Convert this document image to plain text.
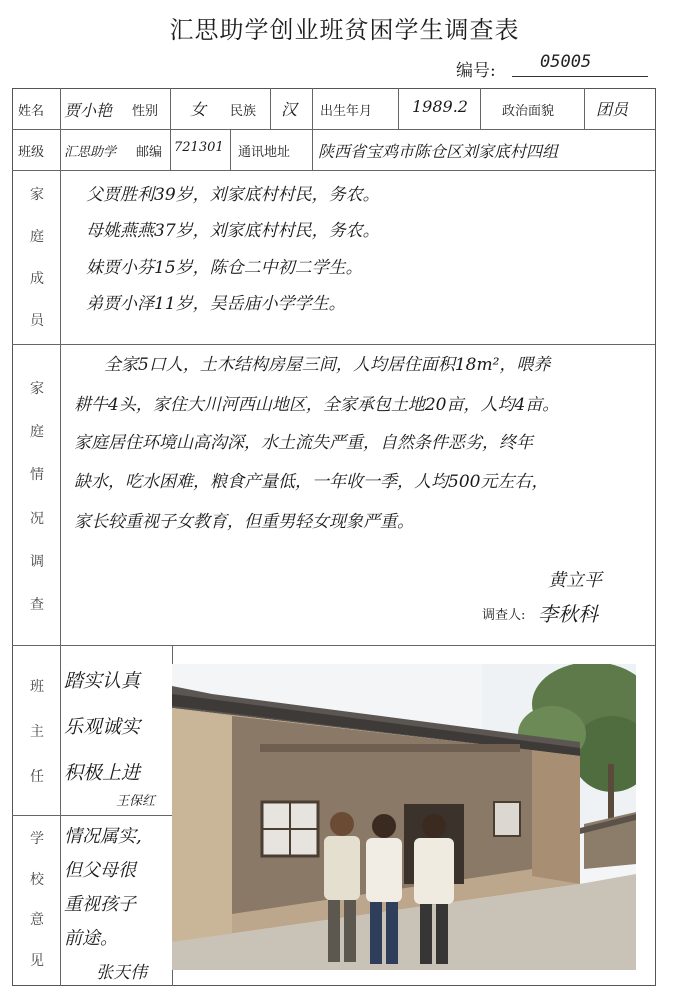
汇思助学创业班贫困学生调查表
编号:	05005
姓名 贾小艳 性别 女 民族 汉 出生年月 1989.2	政治面貌	团员
班级 汇思助学 邮编 721301 通讯地址 陕西省宝鸡市陈仓区刘家底村四组
家
庭
成
员
父贾胜利39岁，刘家底村村民，务农。
母姚燕燕37岁，刘家底村村民，务农。
妹贾小芬15岁，陈仓二中初二学生。
弟贾小泽11岁，吴岳庙小学学生。
家
庭
情
况
调
查
全家5口人，土木结构房屋三间，人均居住面积18m²，喂养
耕牛4头，家住大川河西山地区，全家承包土地20亩，人均4亩。
家庭居住环境山高沟深，水土流失严重，自然条件恶劣，终年
缺水，吃水困难，粮食产量低，一年收一季，人均500元左右，
家长较重视子女教育，但重男轻女现象严重。
黄立平
调查人: 李秋科
班
主
任
踏实认真
乐观诚实
积极上进
王保红
学
校
意
见
情况属实,
但父母很
重视孩子
前途。
张天伟
